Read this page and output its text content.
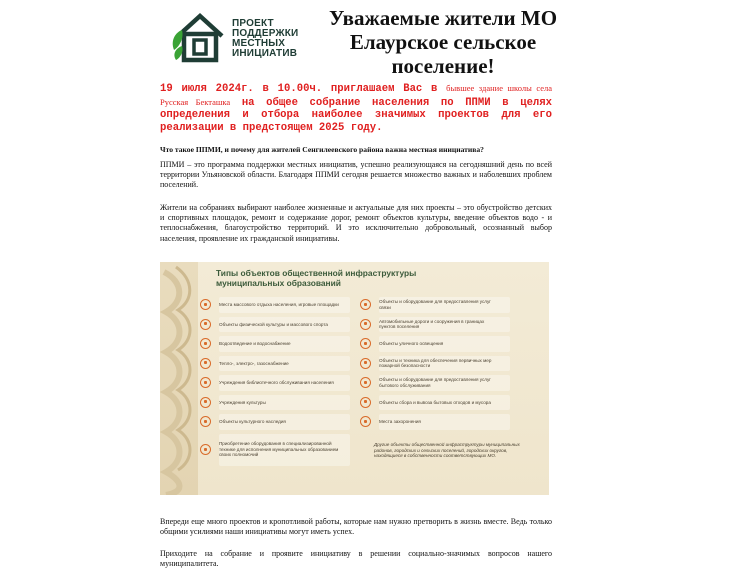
ПРОЕКТ
ПОДДЕРЖКИ
МЕСТНЫХ
ИНИЦИАТИВ
Уважаемые жители МО
Елаурское сельское
поселение!
19 июля 2024г. в 10.00ч. приглашаем Вас в бывшее здание школы села Русская Бекташка на общее собрание населения по ППМИ в целях определения и отбора наиболее значимых проектов для его реализации в предстоящем 2025 году.
Что такое ППМИ, и почему для жителей Сенгилеевского района важна местная инициатива?
ППМИ – это программа поддержки местных инициатив, успешно реализующаяся на сегодняшний день по всей территории Ульяновской области. Благодаря ППМИ сегодня решается множество важных и наболевших проблем поселений.
Жители на собраниях выбирают наиболее жизненные и актуальные для них проекты – это обустройство детских и спортивных площадок, ремонт и содержание дорог, ремонт объектов культуры, введение объектов водо - и теплоснабжения, благоустройство территорий. И это исключительно добровольный, осознанный выбор населения, проявление их гражданской инициативы.
Типы объектов общественной инфраструктуры
муниципальных образований
Места массового отдыха населения, игровые площадки
Объекты физической культуры и массового спорта
Водоотведение и водоснабжение
Тепло-, электро-, газоснабжение
Учреждения библиотечного обслуживания населения
Учреждения культуры
Объекты культурного наследия
Приобретение оборудования в специализированной технике для исполнения муниципальных образованием своих полномочий
Объекты и оборудование для предоставления услуг связи
Автомобильные дороги и сооружения в границах пунктов поселения
Объекты уличного освещения
Объекты и техника для обеспечения первичных мер пожарной безопасности
Объекты и оборудование для предоставления услуг бытового обслуживания
Объекты сбора и вывоза бытовых отходов и мусора
Места захоронения
Другие объекты общественной инфраструктуры муниципальных районов, городских и сельских поселений, городских округов, находящиеся в собственности соответствующих МО.
Впереди еще много проектов и кропотливой работы, которые нам нужно претворить в жизнь вместе. Ведь только общими усилиями наши инициативы могут иметь успех.
Приходите на собрание и проявите инициативу в решении социально-значимых вопросов нашего муниципалитета.
